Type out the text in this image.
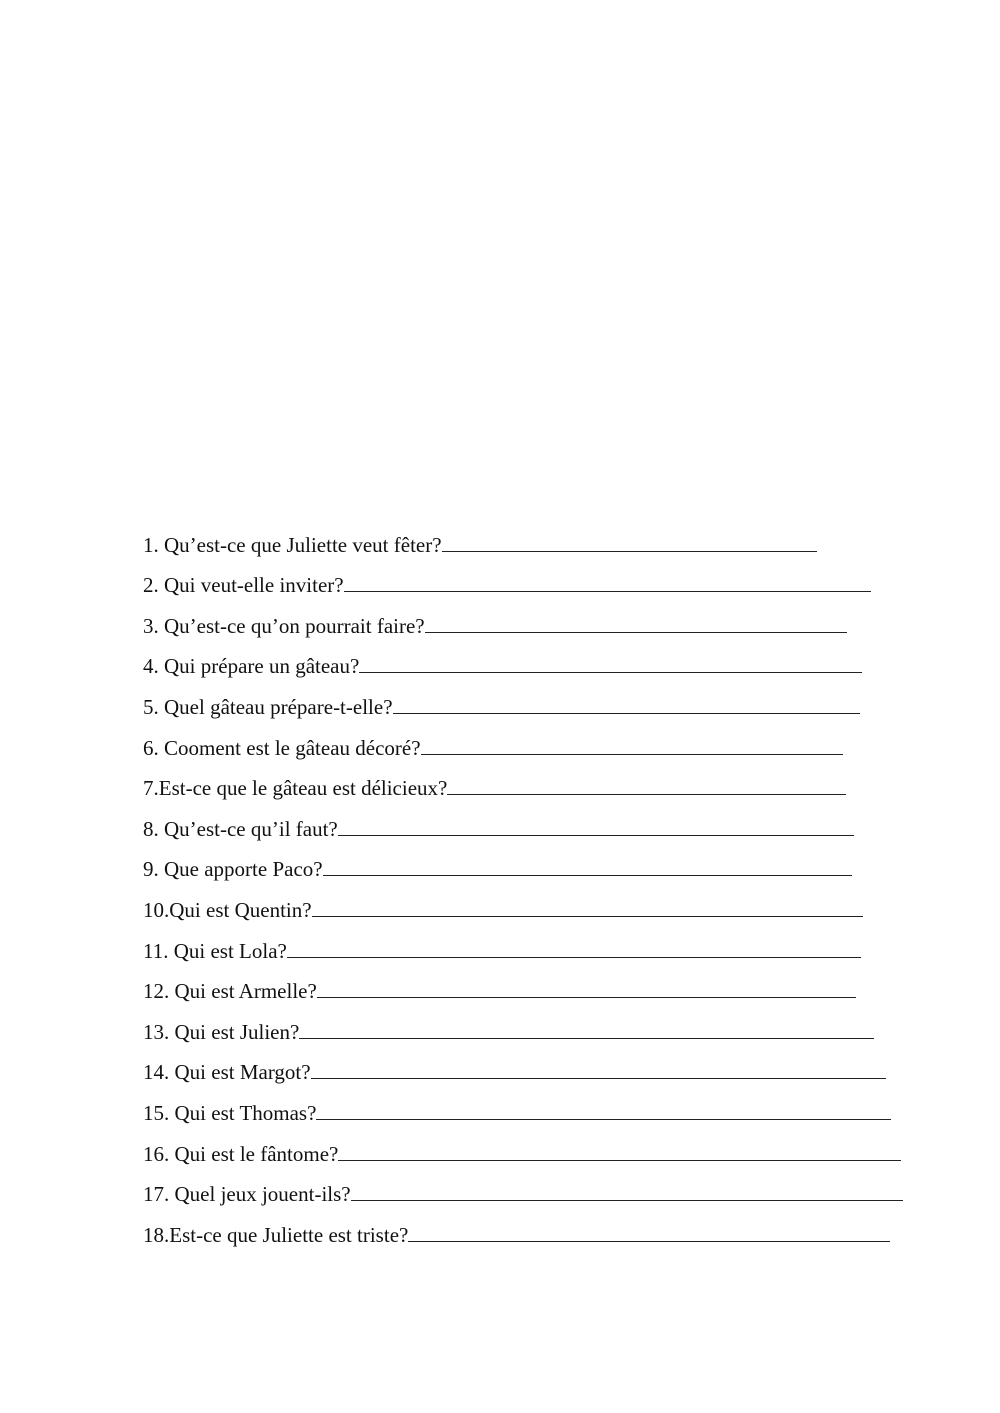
1. Qu’est-ce que Juliette veut fêter?
2. Qui veut-elle inviter?
3. Qu’est-ce qu’on pourrait faire?
4. Qui prépare un gâteau?
5. Quel gâteau prépare-t-elle?
6. Cooment est le gâteau décoré?
7.Est-ce que le gâteau est délicieux?
8. Qu’est-ce qu’il faut?
9. Que apporte Paco?
10.Qui est Quentin?
11. Qui est Lola?
12. Qui est Armelle?
13. Qui est Julien?
14. Qui est Margot?
15. Qui est Thomas?
16. Qui est le fântome?
17. Quel jeux jouent-ils?
18.Est-ce que Juliette est triste?
